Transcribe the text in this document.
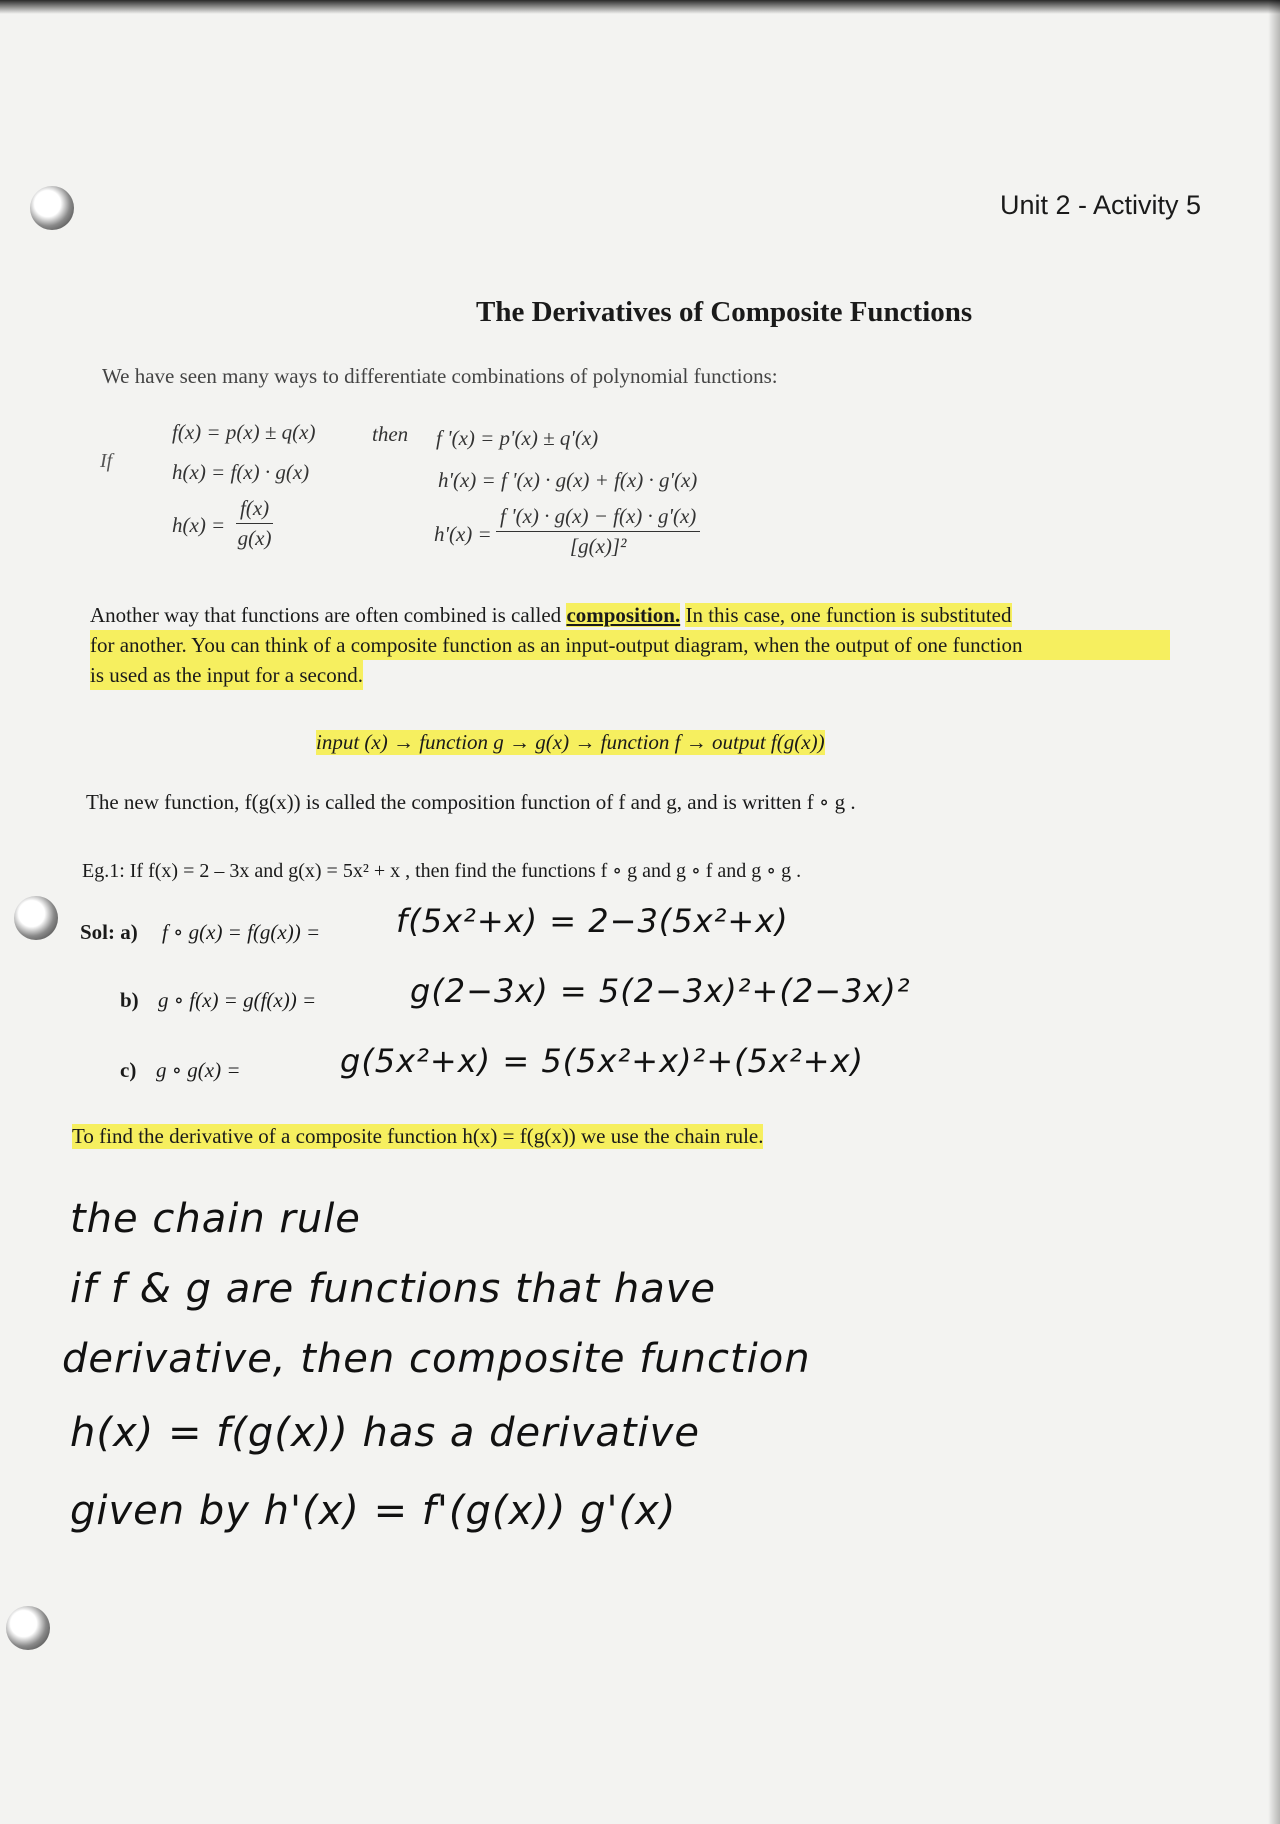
Unit 2 - Activity 5
The Derivatives of Composite Functions
We have seen many ways to differentiate combinations of polynomial functions:
If
f(x) = p(x) ± q(x)	then f '(x) = p'(x) ± q'(x)
h(x) = f(x) · g(x)	h'(x) = f '(x) · g(x) + f(x) · g'(x)
$h(x) = \frac{f(x)}{g(x)}$	$h'(x) = \frac{f '(x) \cdot g(x) - f(x) \cdot g'(x)}{\text{[g(x)]²}}$
Another way that functions are often combined is called composition. In this case, one function is substituted
for another. You can think of a composite function as an input-output diagram, when the output of one function
is used as the input for a second.
input (x) → function g → g(x) → function f → output f(g(x))
The new function, f(g(x)) is called the composition function of f and g, and is written f ∘ g .
Eg.1: If f(x) = 2 – 3x and g(x) = 5x² + x , then find the functions f ∘ g and g ∘ f and g ∘ g .
Sol: a) f ∘ g(x) = f(g(x)) = f(5x²+x) = 2−3(5x²+x)
b) g ∘ f(x) = g(f(x)) =	g(2−3x) = 5(2−3x)²+(2−3x)²
c) g ∘ g(x) =	g(5x²+x) = 5(5x²+x)²+(5x²+x)
To find the derivative of a composite function h(x) = f(g(x)) we use the chain rule.
the chain rule
if f & g are functions that have
derivative, then composite function
h(x) = f(g(x)) has a derivative
given by h'(x) = f'(g(x)) g'(x)
